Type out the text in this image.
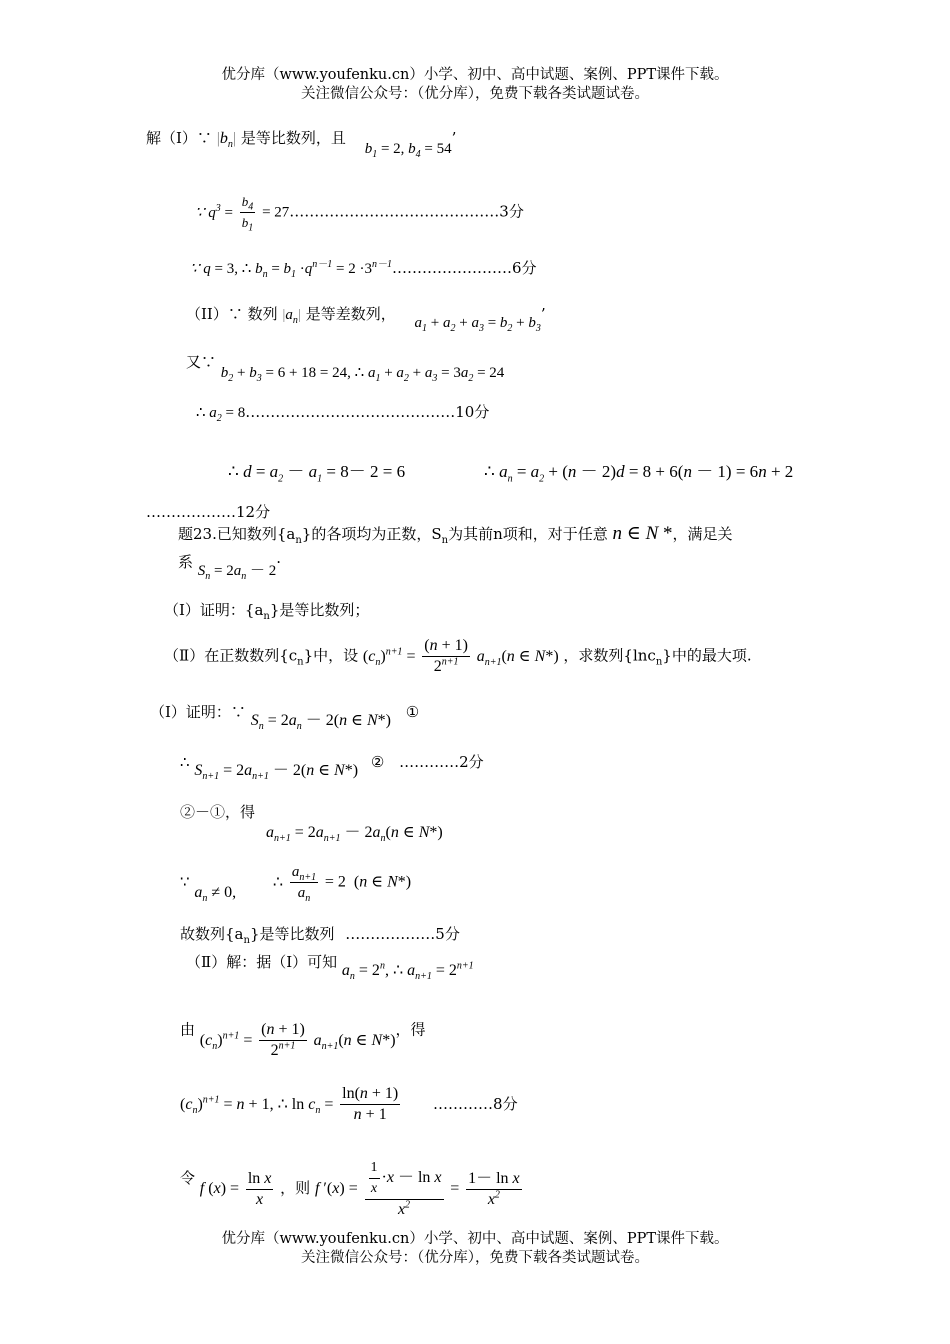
优分库（www.youfenku.cn）小学、初中、高中试题、案例、PPT课件下载。
关注微信公众号：（优分库），免费下载各类试题试卷。
解（I）∵ $|b_n|$ 是等比数列，且 $b_1 = 2$, $b_4 = 54$’
∵ $q^3 = \frac{b_4}{b_1}$ = 27……………………………………3分
∵ q = 3, ∴ $b_n = b_1 \cdot q^{n-1} = 2$ $\cdot 3^{n-1}\dots\dots\dots\dots\dots\dots\dots\dots 6$分
（II）∵ 数列 $|a_n|$ 是等差数列， $a_1 + a_2 + a_3 = b_2 + b_3$’
又∵ $b_2 + b_3 = 6 + 18 = 24$, ∴ $a_1 + a_2 + a_3 = 3a_2 = 24$
∴ $a_2$ = 8……………………………………10分
∴ $d = a_2 - a_1 = 8- 2 = 6$	∴ $a_n = a_2 + (n - 2)d = 8 + 6(n - 1) = 6n + 2$
………………12分
题23.已知数列$\{a_n\}$的各项均为正数，$S_n$为其前n项和，对于任意 n ∈ N *，满足关
系 $S_n = 2a_n - 2\cdot$
（Ⅰ）证明：$\{a_n\}$是等比数列；
（Ⅱ）在正数数列$\{c_n\}$中，设 $(c_n)^{n+1} = \frac{(n + 1)}{2^{n+1}} a_{n+1}(n$ ∈ N*) ，求数列{lnc$_n$}中的最大项.
（Ⅰ）证明：∵ $S_n = 2a_n - 2(n$ ∈ N*) ①
∴ $S_{n+1} = 2a_{n+1} - 2(n$ ∈ N*) ② …………2分
②－①，得
$a_{n+1} = 2a_{n+1} - 2a_n(n$ ∈ N*)
∵ $a_n \ne 0$, ∴ $\frac{a_{n+1}}{a_n} = 2$  (n ∈ N*)
故数列$\{a_n\}$是等比数列 ………………5分
（Ⅱ）解：据（Ⅰ）可知 $a_n = 2^n$, ∴ $a_{n+1} = 2^{n+1}$
由 $(c_n)^{n+1} = \frac{(n + 1)}{2^{n+1}} a_{n+1}(n$ ∈ N*)，得
$(c_n)^{n+1} = n + 1$, ∴ $\ln c_n = \frac{\ln(n + 1)}{n + 1}$ …………8分
令 f $(x) = \frac{\text{ln x}}{x}$ ，则 f $'(x) = \frac{\frac{1}{x} \cdot x - \ln x}{x^2} = \frac{\text{1－ ln x}}{x^2}$
优分库（www.youfenku.cn）小学、初中、高中试题、案例、PPT课件下载。
关注微信公众号：（优分库），免费下载各类试题试卷。
